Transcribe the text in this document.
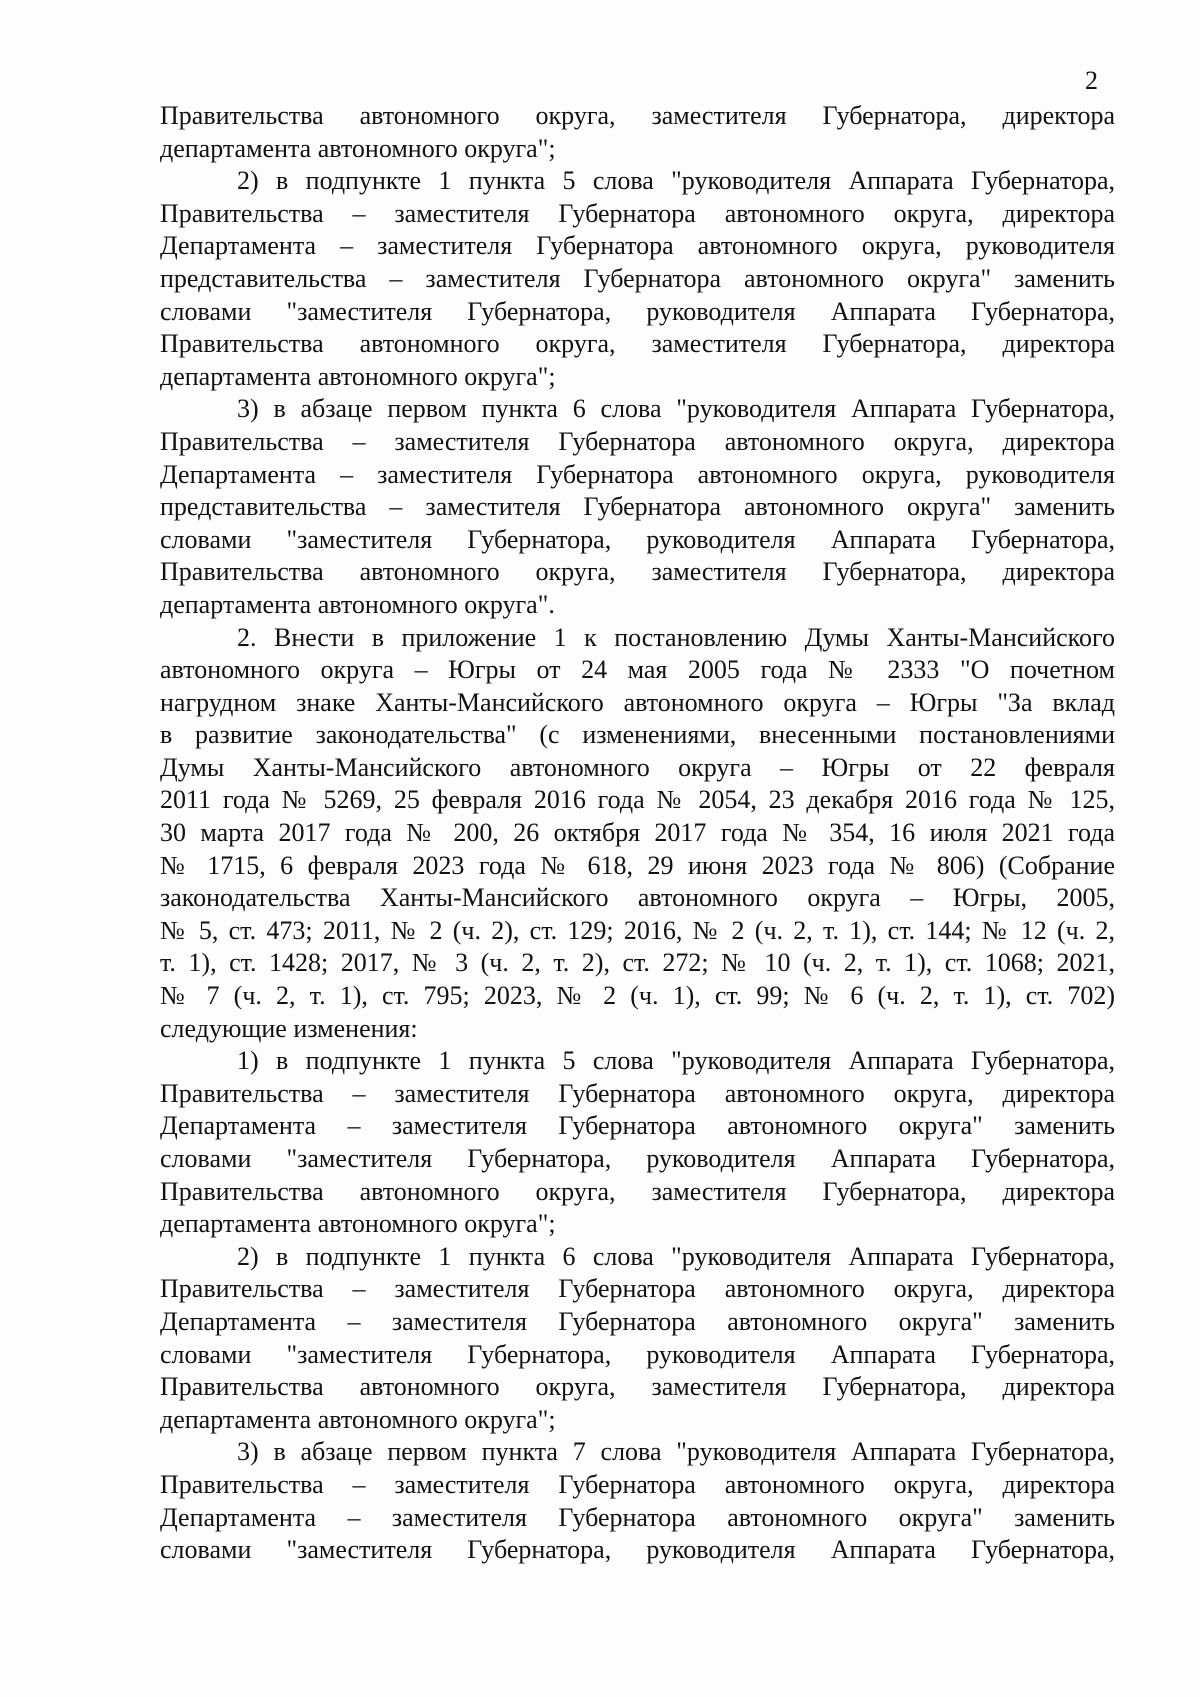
2
Правительства автономного округа, заместителя Губернатора, директора
департамента автономного округа";
2) в подпункте 1 пункта 5 слова "руководителя Аппарата Губернатора,
Правительства – заместителя Губернатора автономного округа, директора
Департамента – заместителя Губернатора автономного округа, руководителя
представительства – заместителя Губернатора автономного округа" заменить
словами "заместителя Губернатора, руководителя Аппарата Губернатора,
Правительства автономного округа, заместителя Губернатора, директора
департамента автономного округа";
3) в абзаце первом пункта 6 слова "руководителя Аппарата Губернатора,
Правительства – заместителя Губернатора автономного округа, директора
Департамента – заместителя Губернатора автономного округа, руководителя
представительства – заместителя Губернатора автономного округа" заменить
словами "заместителя Губернатора, руководителя Аппарата Губернатора,
Правительства автономного округа, заместителя Губернатора, директора
департамента автономного округа".
2. Внести в приложение 1 к постановлению Думы Ханты-Мансийского
автономного округа – Югры от 24 мая 2005 года № 2333 "О почетном
нагрудном знаке Ханты-Мансийского автономного округа – Югры "За вклад
в развитие законодательства" (с изменениями, внесенными постановлениями
Думы Ханты-Мансийского автономного округа – Югры от 22 февраля
2011 года № 5269, 25 февраля 2016 года № 2054, 23 декабря 2016 года № 125,
30 марта 2017 года № 200, 26 октября 2017 года № 354, 16 июля 2021 года
№ 1715, 6 февраля 2023 года № 618, 29 июня 2023 года № 806) (Собрание
законодательства Ханты-Мансийского автономного округа – Югры, 2005,
№ 5, ст. 473; 2011, № 2 (ч. 2), ст. 129; 2016, № 2 (ч. 2, т. 1), ст. 144; № 12 (ч. 2,
т. 1), ст. 1428; 2017, № 3 (ч. 2, т. 2), ст. 272; № 10 (ч. 2, т. 1), ст. 1068; 2021,
№ 7 (ч. 2, т. 1), ст. 795; 2023, № 2 (ч. 1), ст. 99; № 6 (ч. 2, т. 1), ст. 702)
следующие изменения:
1) в подпункте 1 пункта 5 слова "руководителя Аппарата Губернатора,
Правительства – заместителя Губернатора автономного округа, директора
Департамента – заместителя Губернатора автономного округа" заменить
словами "заместителя Губернатора, руководителя Аппарата Губернатора,
Правительства автономного округа, заместителя Губернатора, директора
департамента автономного округа";
2) в подпункте 1 пункта 6 слова "руководителя Аппарата Губернатора,
Правительства – заместителя Губернатора автономного округа, директора
Департамента – заместителя Губернатора автономного округа" заменить
словами "заместителя Губернатора, руководителя Аппарата Губернатора,
Правительства автономного округа, заместителя Губернатора, директора
департамента автономного округа";
3) в абзаце первом пункта 7 слова "руководителя Аппарата Губернатора,
Правительства – заместителя Губернатора автономного округа, директора
Департамента – заместителя Губернатора автономного округа" заменить
словами "заместителя Губернатора, руководителя Аппарата Губернатора,
